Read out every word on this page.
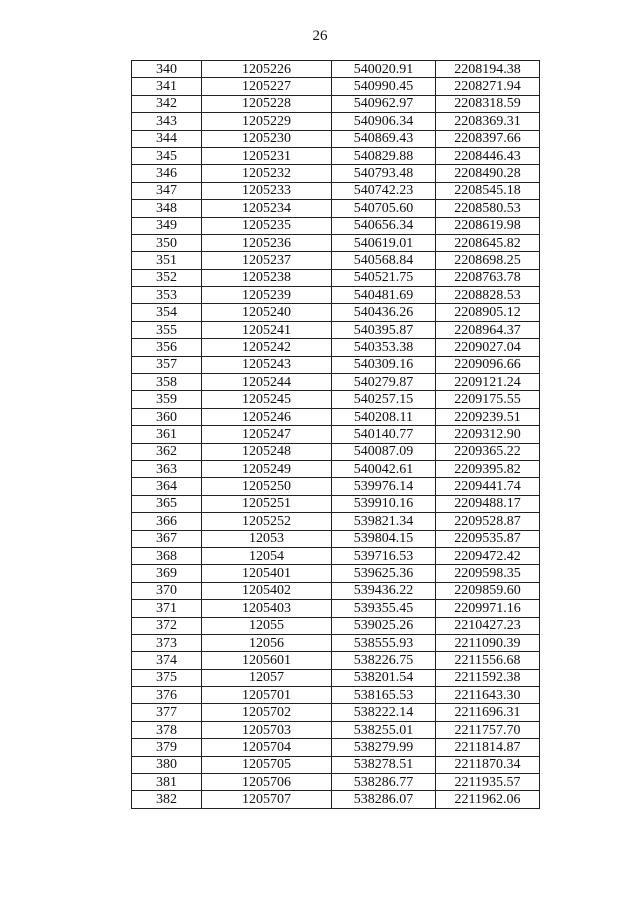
26
340	1205226	540020.91	2208194.38
341	1205227	540990.45	2208271.94
342	1205228	540962.97	2208318.59
343	1205229	540906.34	2208369.31
344	1205230	540869.43	2208397.66
345	1205231	540829.88	2208446.43
346	1205232	540793.48	2208490.28
347	1205233	540742.23	2208545.18
348	1205234	540705.60	2208580.53
349	1205235	540656.34	2208619.98
350	1205236	540619.01	2208645.82
351	1205237	540568.84	2208698.25
352	1205238	540521.75	2208763.78
353	1205239	540481.69	2208828.53
354	1205240	540436.26	2208905.12
355	1205241	540395.87	2208964.37
356	1205242	540353.38	2209027.04
357	1205243	540309.16	2209096.66
358	1205244	540279.87	2209121.24
359	1205245	540257.15	2209175.55
360	1205246	540208.11	2209239.51
361	1205247	540140.77	2209312.90
362	1205248	540087.09	2209365.22
363	1205249	540042.61	2209395.82
364	1205250	539976.14	2209441.74
365	1205251	539910.16	2209488.17
366	1205252	539821.34	2209528.87
367	12053	539804.15	2209535.87
368	12054	539716.53	2209472.42
369	1205401	539625.36	2209598.35
370	1205402	539436.22	2209859.60
371	1205403	539355.45	2209971.16
372	12055	539025.26	2210427.23
373	12056	538555.93	2211090.39
374	1205601	538226.75	2211556.68
375	12057	538201.54	2211592.38
376	1205701	538165.53	2211643.30
377	1205702	538222.14	2211696.31
378	1205703	538255.01	2211757.70
379	1205704	538279.99	2211814.87
380	1205705	538278.51	2211870.34
381	1205706	538286.77	2211935.57
382	1205707	538286.07	2211962.06
